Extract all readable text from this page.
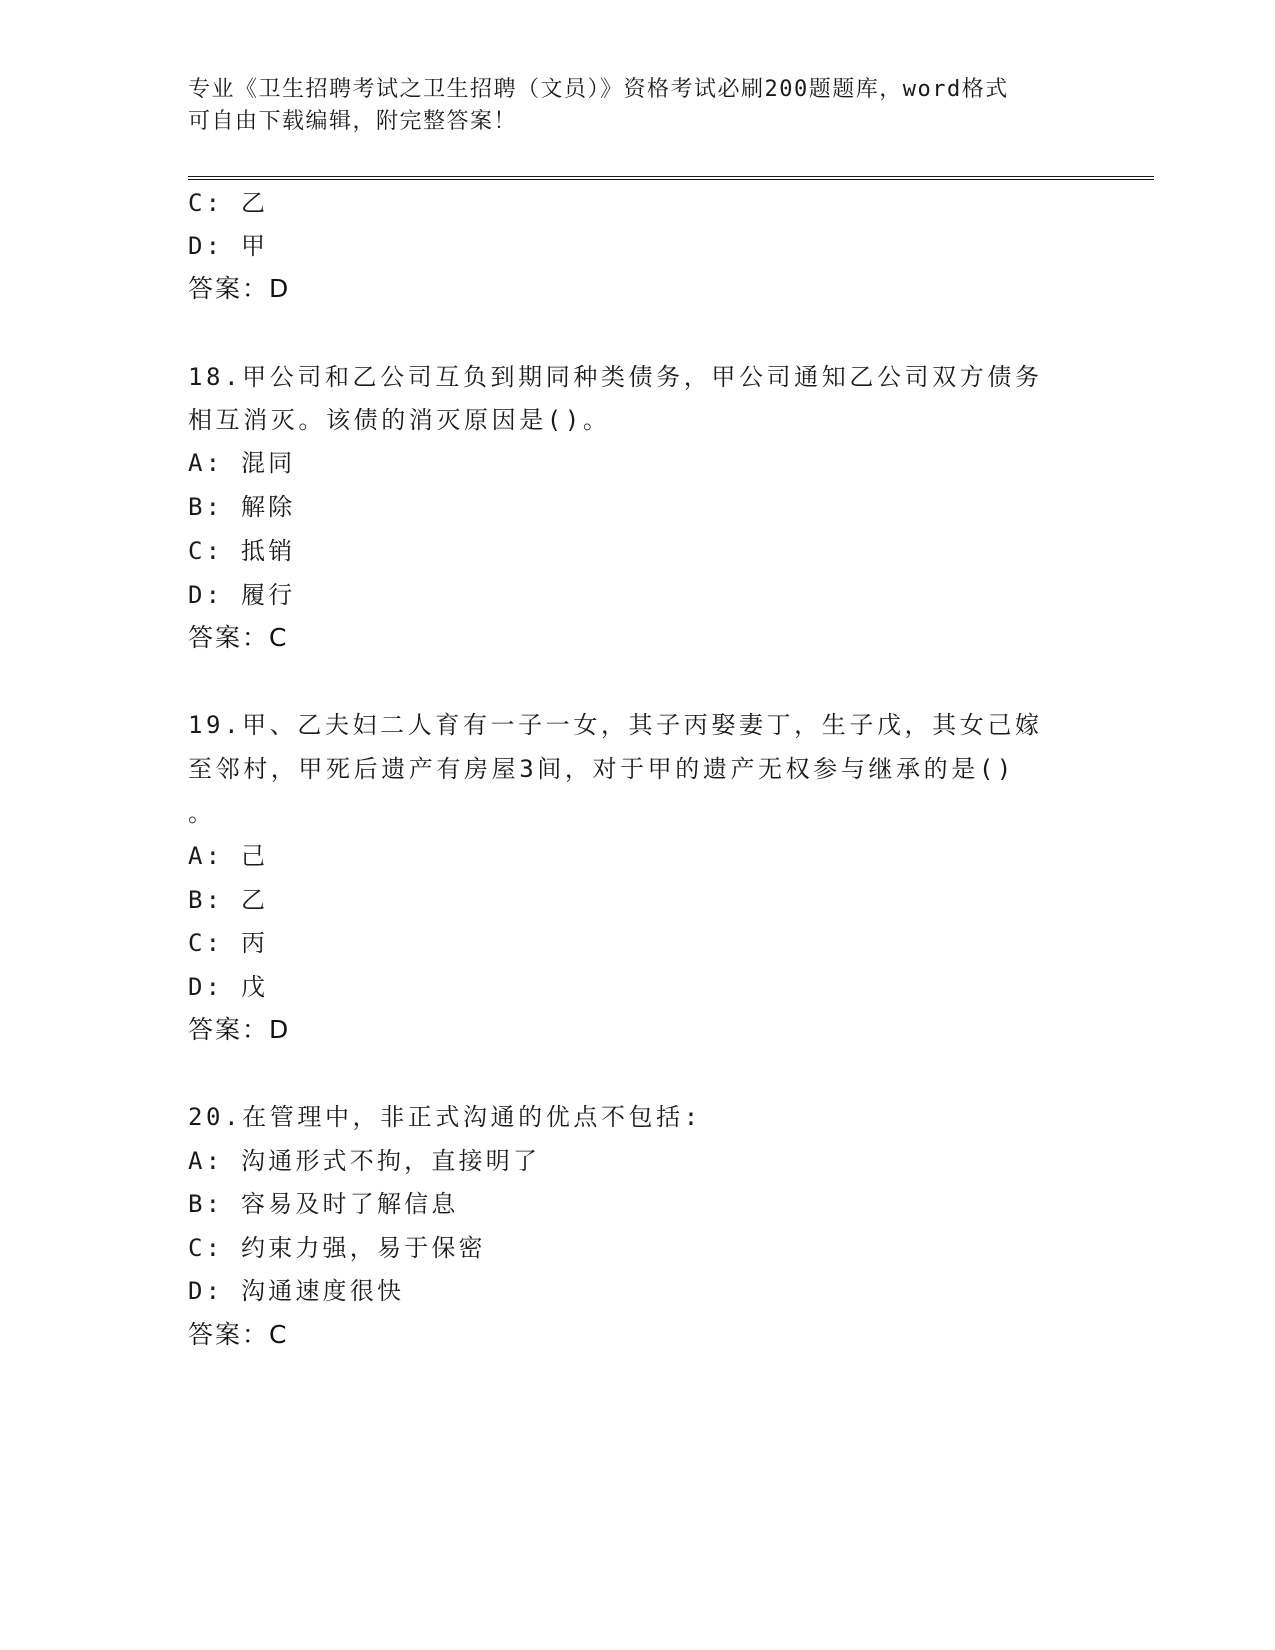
专业《卫生招聘考试之卫生招聘（文员）》资格考试必刷200题题库，word格式
可自由下载编辑，附完整答案！
C: 乙
D: 甲
答案：D
18.甲公司和乙公司互负到期同种类债务，甲公司通知乙公司双方债务
相互消灭。该债的消灭原因是()。
A: 混同
B: 解除
C: 抵销
D: 履行
答案：C
19.甲、乙夫妇二人育有一子一女，其子丙娶妻丁，生子戊，其女己嫁
至邻村，甲死后遗产有房屋3间，对于甲的遗产无权参与继承的是()
。
A: 己
B: 乙
C: 丙
D: 戊
答案：D
20.在管理中，非正式沟通的优点不包括:
A: 沟通形式不拘，直接明了
B: 容易及时了解信息
C: 约束力强，易于保密
D: 沟通速度很快
答案：C
